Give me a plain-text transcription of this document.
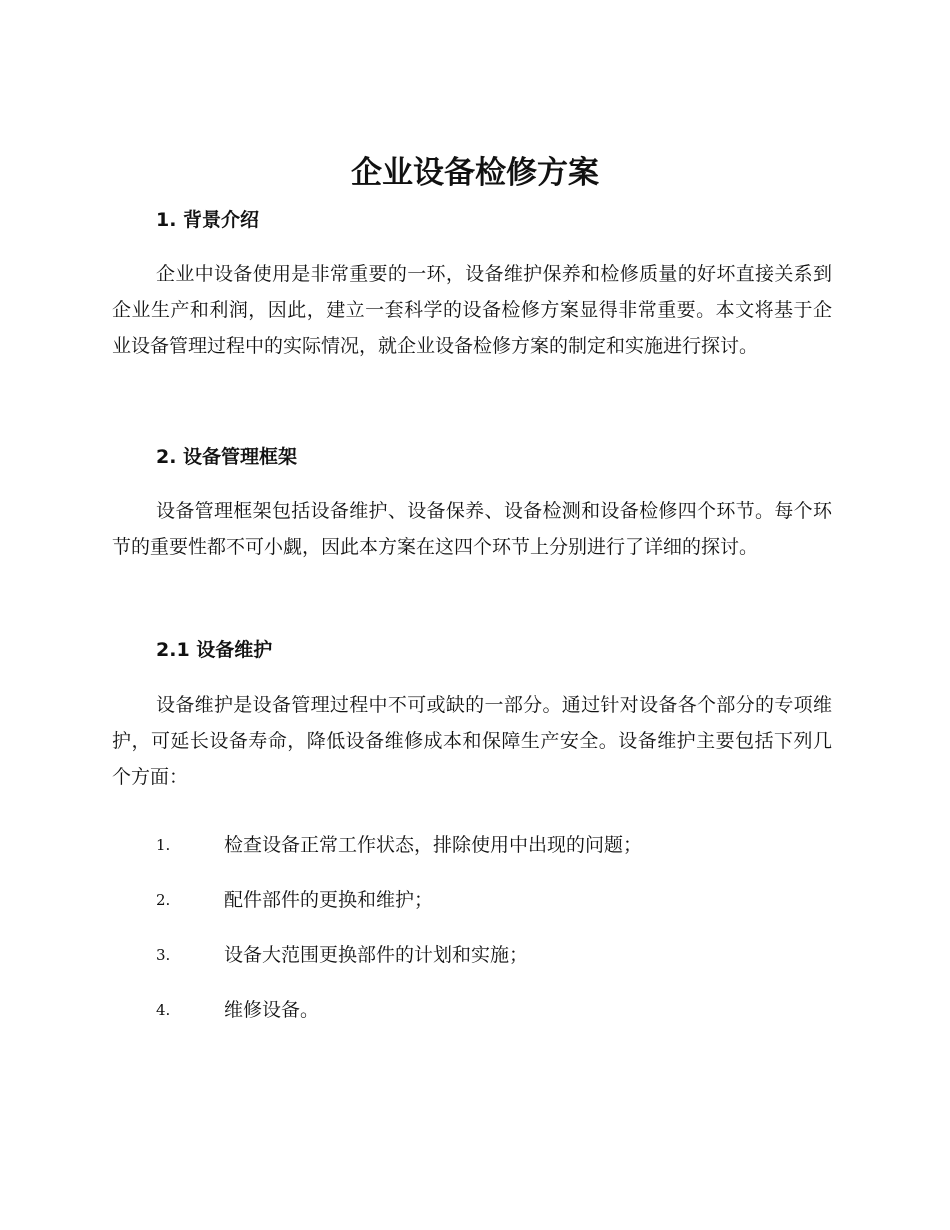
企业设备检修方案
1. 背景介绍

企业中设备使用是非常重要的一环，设备维护保养和检修质量的好坏直接关系到企业生产和利润，因此，建立一套科学的设备检修方案显得非常重要。本文将基于企业设备管理过程中的实际情况，就企业设备检修方案的制定和实施进行探讨。

2. 设备管理框架

设备管理框架包括设备维护、设备保养、设备检测和设备检修四个环节。每个环节的重要性都不可小觑，因此本方案在这四个环节上分别进行了详细的探讨。

2.1 设备维护

设备维护是设备管理过程中不可或缺的一部分。通过针对设备各个部分的专项维护，可延长设备寿命，降低设备维修成本和保障生产安全。设备维护主要包括下列几个方面：

1.	检查设备正常工作状态，排除使用中出现的问题；
2.	配件部件的更换和维护；
3.	设备大范围更换部件的计划和实施；
4.	维修设备。
